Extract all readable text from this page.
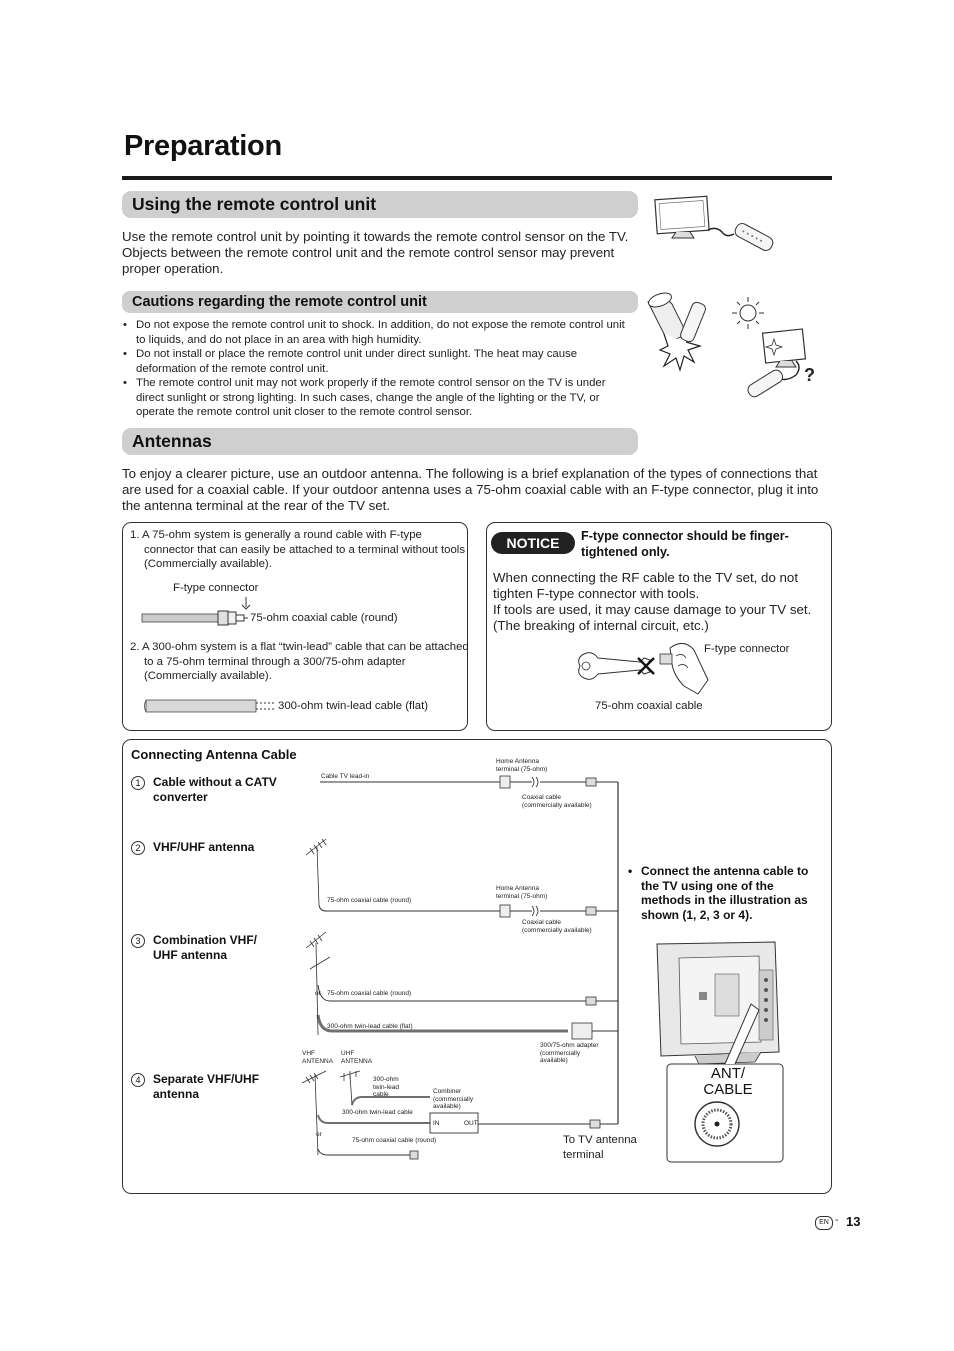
Preparation
Using the remote control unit
Use the remote control unit by pointing it towards the remote control sensor on the TV. Objects between the remote control unit and the remote control sensor may prevent proper operation.
Cautions regarding the remote control unit
• Do not expose the remote control unit to shock. In addition, do not expose the remote control unit to liquids, and do not place in an area with high humidity.
• Do not install or place the remote control unit under direct sunlight. The heat may cause deformation of the remote control unit.
• The remote control unit may not work properly if the remote control sensor on the TV is under direct sunlight or strong lighting. In such cases, change the angle of the lighting or the TV, or operate the remote control unit closer to the remote control sensor.
?
Antennas
To enjoy a clearer picture, use an outdoor antenna. The following is a brief explanation of the types of connections that are used for a coaxial cable. If your outdoor antenna uses a 75-ohm coaxial cable with an F-type connector, plug it into the antenna terminal at the rear of the TV set.
1. A 75-ohm system is generally a round cable with F-type connector that can easily be attached to a terminal without tools (Commercially available).
F-type connector
75-ohm coaxial cable (round)
2. A 300-ohm system is a flat “twin-lead” cable that can be attached to a 75-ohm terminal through a 300/75-ohm adapter (Commercially available).
300-ohm twin-lead cable (flat)
NOTICE	F-type connector should be finger-tightened only.
When connecting the RF cable to the TV set, do not tighten F-type connector with tools.
If tools are used, it may cause damage to your TV set. (The breaking of internal circuit, etc.)
F-type connector
75-ohm coaxial cable
Connecting Antenna Cable
1	Cable without a CATV converter
2	VHF/UHF antenna
3	Combination VHF/ UHF antenna
4	Separate VHF/UHF antenna
Cable TV lead-in
Home Antenna terminal (75-ohm)
Coaxial cable (commercially available)
75-ohm coaxial cable (round)
Home Antenna terminal (75-ohm)
Coaxial cable (commercially available)
or 75-ohm coaxial cable (round)
300-ohm twin-lead cable (flat)
300/75-ohm adapter (commercially available)
VHF ANTENNA
UHF ANTENNA
300-ohm twin-lead cable	Combiner (commercially available)
300-ohm twin-lead cable
IN	OUT
or
75-ohm coaxial cable (round)
• Connect the antenna cable to the TV using one of the methods in the illustration as shown (1, 2, 3 or 4).
ANT/ CABLE
To TV antenna terminal
EN - 13
